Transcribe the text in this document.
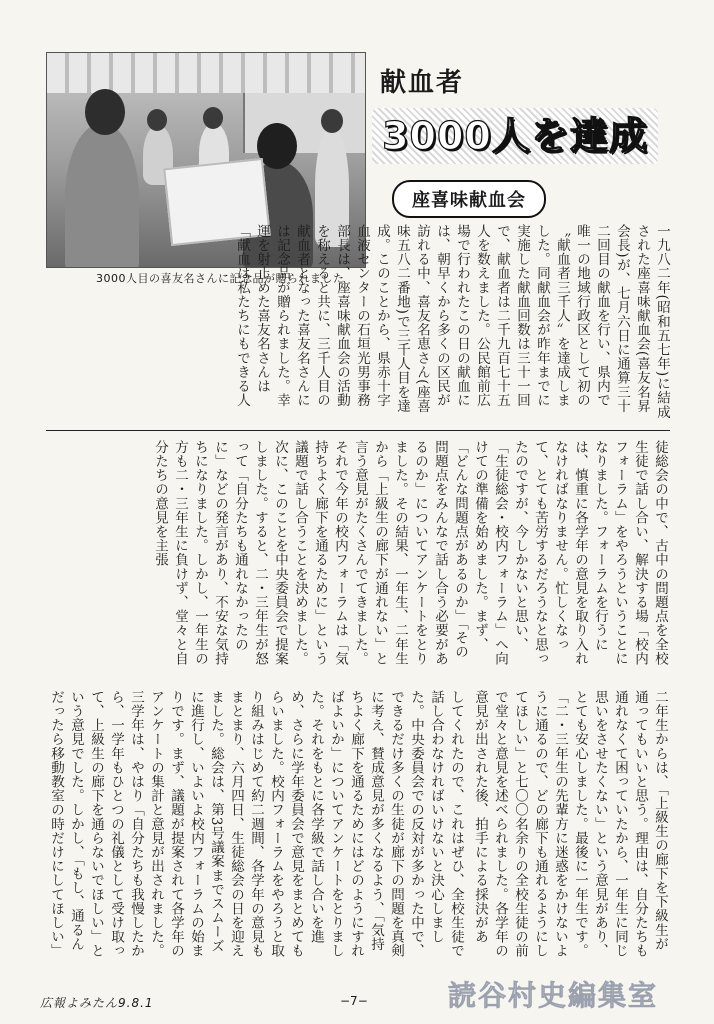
3000人目の喜友名さんに記念品が贈られました
献血者
3000人を達成
座喜味献血会
一九八二年(昭和五七年)に結成された座喜味献血会(喜友名昇会長)が、七月六日に通算三十二回目の献血を行い、県内で唯一の地域行政区として初の〝献血者三千人〟を達成しました。同献血会が昨年までに実施した献血回数は三十一回で、献血者は二千九百七十五人を数えました。公民館前広場で行われたこの日の献血には、朝早くから多くの区民が訪れる中、喜友名恵さん(座喜味五八二番地)で三千人目を達成。このことから、県赤十字血液センターの石垣光男事務部長は、座喜味献血会の活動を称えると共に、三千人目の献血者となった喜友名さんには記念品が贈られました。幸運を射止めた喜友名さんは「献血は私たちにもできる人
徒総会の中で、古中の問題点を全校生徒で話し合い、解決する場「校内フォーラム」をやろうということになりました。フォーラムを行うには、慎重に各学年の意見を取り入れなければなりません。忙しくなって、とても苦労するだろうなと思ったのですが、今しかないと思い、「生徒総会・校内フォーラム」へ向けての準備を始めました。まず、「どんな問題点があるのか」「その問題点をみんなで話し合う必要があるのか」についてアンケートをとりました。その結果、一年生、二年生から「上級生の廊下が通れない」と言う意見がたくさんでてきました。それで今年の校内フォーラムは「気持ちよく廊下を通るために」という議題で話し合うことを決めました。次に、このことを中央委員会で提案しました。すると、二・三年生が怒って「自分たちも通れなかったのに」などの発言があり、不安な気持ちになりました。しかし、一年生の方も二・三年生に負けず、堂々と自分たちの意見を主張
してくれたので、これはぜひ、全校生徒で話し合わなければいけないと決心しました。中央委員会での反対が多かった中で、できるだけ多くの生徒が廊下の問題を真剣に考え、賛成意見が多くなるよう、「気持ちよく廊下を通るためにはどのようにすればよいか」についてアンケートをとりました。それをもとに各学級で話し合いを進め、さらに学年委員会で意見をまとめてもらいました。校内フォーラムをやろうと取り組みはじめて約二週間、各学年の意見もまとまり、六月四日、生徒総会の日を迎えました。総会は、第3号議案までスムーズに進行し、いよいよ校内フォーラムの始まりです。まず、議題が提案されて各学年のアンケートの集計と意見が出されました。三学年は、やはり「自分たちも我慢したから、一学年もひとつの礼儀として受け取って、上級生の廊下を通らないでほしい」という意見でした。しかし、「もし、通るんだったら移動教室の時だけにしてほしい」
二年生からは、「上級生の廊下を下級生が通ってもいいと思う。理由は、自分たちも通れなくて困っていたから、一年生に同じ思いをさせたくない」という意見があり、とても安心しました。最後に一年生です。「二・三年生の先輩方に迷惑をかけないように通るので、どの廊下も通れるようにしてほしい」と七〇〇名余りの全校生徒の前で堂々と意見を述べられました。各学年の意見が出された後、拍手による採決があ
広報よみたん9.8.1	−7−	読谷村史編集室
